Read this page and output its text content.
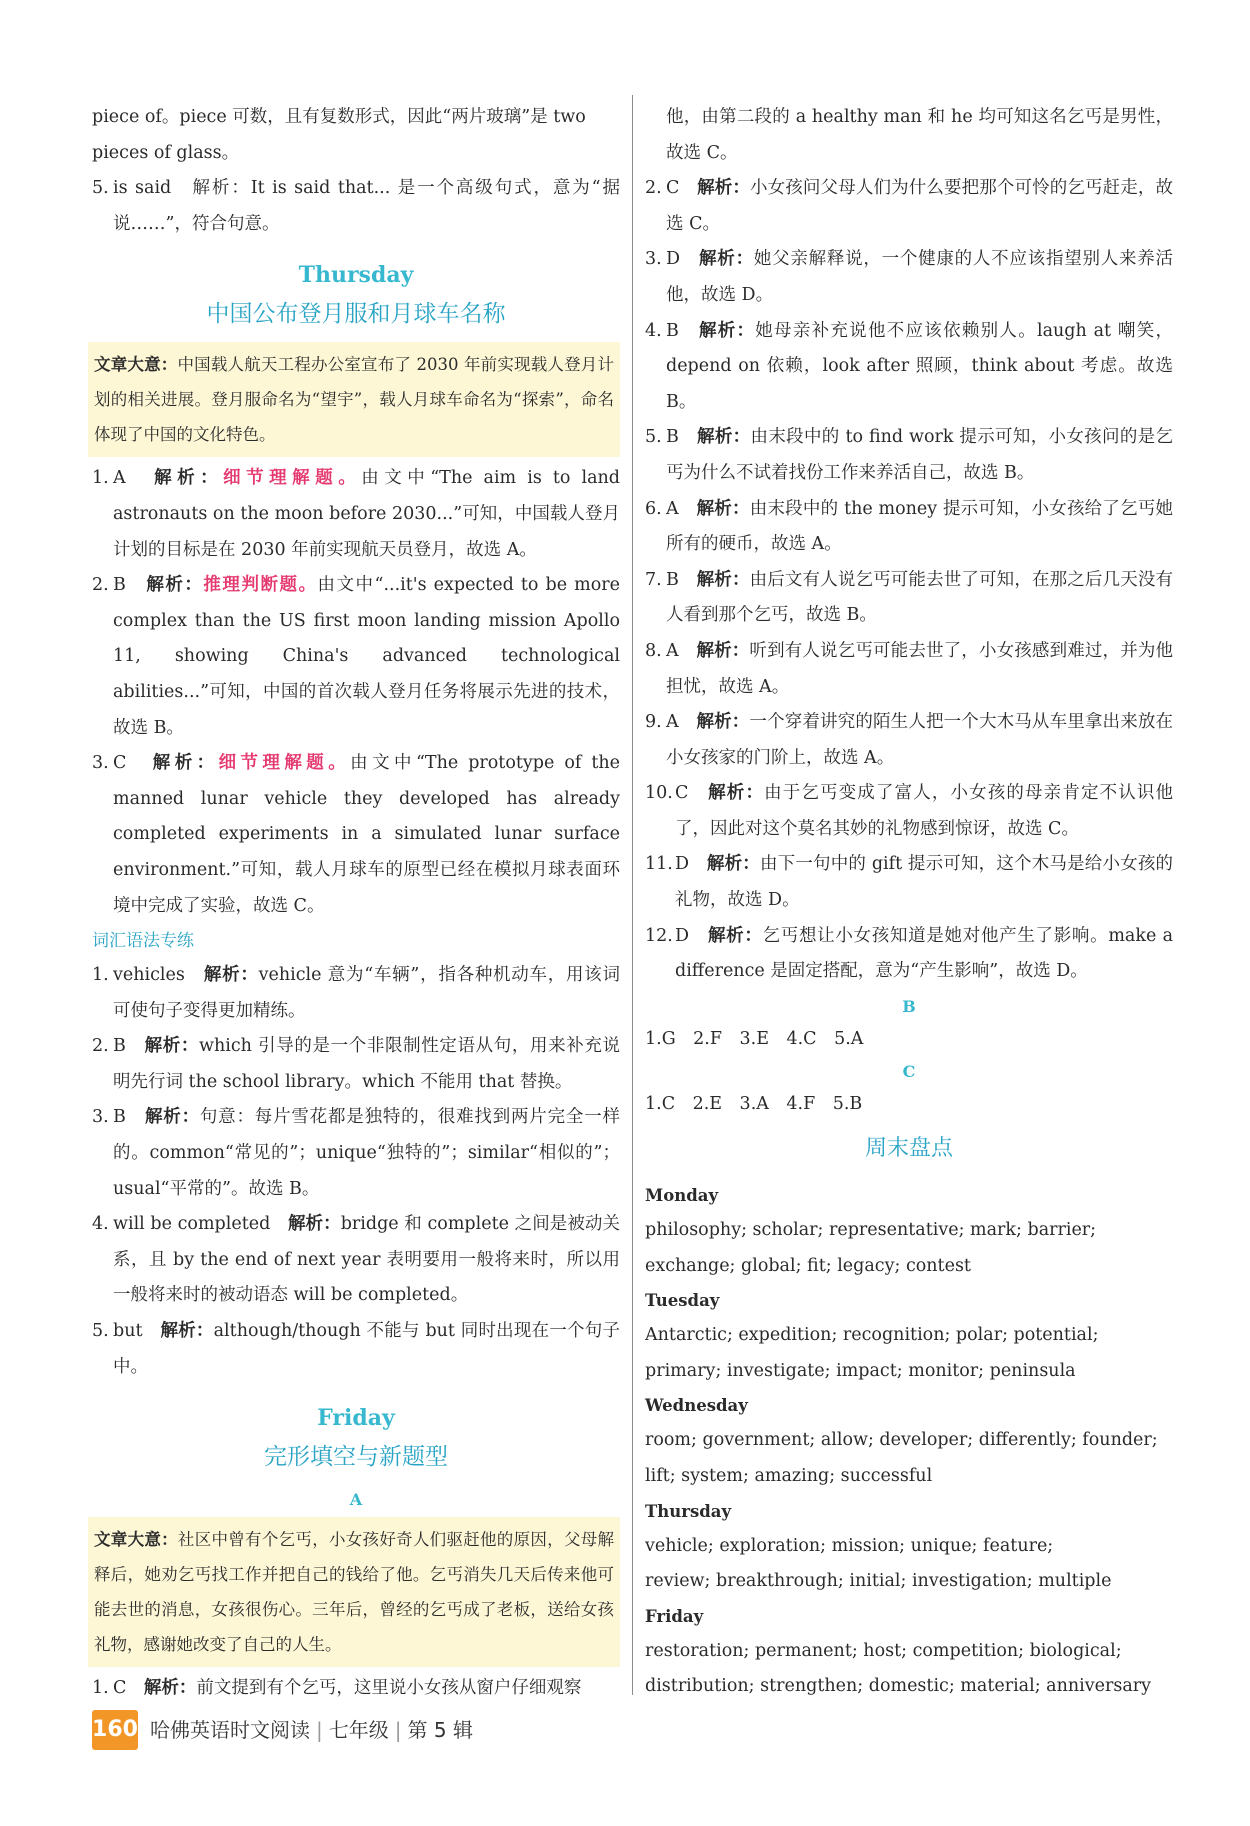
piece of。piece 可数，且有复数形式，因此“两片玻璃”是 two

pieces of glass。

5. is said　解析：It is said that... 是一个高级句式，意为“据说……”，符合句意。
Thursday
中国公布登月服和月球车名称
文章大意：中国载人航天工程办公室宣布了 2030 年前实现载人登月计划的相关进展。登月服命名为“望宇”，载人月球车命名为“探索”，命名体现了中国的文化特色。
1. A　解析：细节理解题。由文中“The aim is to land astronauts on the moon before 2030...”可知，中国载人登月计划的目标是在 2030 年前实现航天员登月，故选 A。
2. B　解析：推理判断题。由文中“...it's expected to be more complex than the US first moon landing mission Apollo 11, showing China's advanced technological abilities...”可知，中国的首次载人登月任务将展示先进的技术，故选 B。
3. C　解析：细节理解题。由文中“The prototype of the manned lunar vehicle they developed has already completed experiments in a simulated lunar surface environment.”可知，载人月球车的原型已经在模拟月球表面环境中完成了实验，故选 C。
词汇语法专练
1. vehicles　解析：vehicle 意为“车辆”，指各种机动车，用该词可使句子变得更加精练。
2. B　解析：which 引导的是一个非限制性定语从句，用来补充说明先行词 the school library。which 不能用 that 替换。
3. B　解析：句意：每片雪花都是独特的，很难找到两片完全一样的。common“常见的”；unique“独特的”；similar“相似的”；usual“平常的”。故选 B。
4. will be completed　解析：bridge 和 complete 之间是被动关系，且 by the end of next year 表明要用一般将来时，所以用一般将来时的被动语态 will be completed。
5. but　解析：although/though 不能与 but 同时出现在一个句子中。
Friday
完形填空与新题型
A
文章大意：社区中曾有个乞丐，小女孩好奇人们驱赶他的原因，父母解释后，她劝乞丐找工作并把自己的钱给了他。乞丐消失几天后传来他可能去世的消息，女孩很伤心。三年后，曾经的乞丐成了老板，送给女孩礼物，感谢她改变了自己的人生。
1. C　解析：前文提到有个乞丐，这里说小女孩从窗户仔细观察

他，由第二段的 a healthy man 和 he 均可知这名乞丐是男性，故选 C。

2. C　解析：小女孩问父母人们为什么要把那个可怜的乞丐赶走，故选 C。
3. D　解析：她父亲解释说，一个健康的人不应该指望别人来养活他，故选 D。
4. B　解析：她母亲补充说他不应该依赖别人。laugh at 嘲笑，depend on 依赖，look after 照顾，think about 考虑。故选 B。
5. B　解析：由末段中的 to find work 提示可知，小女孩问的是乞丐为什么不试着找份工作来养活自己，故选 B。
6. A　解析：由末段中的 the money 提示可知，小女孩给了乞丐她所有的硬币，故选 A。
7. B　解析：由后文有人说乞丐可能去世了可知，在那之后几天没有人看到那个乞丐，故选 B。
8. A　解析：听到有人说乞丐可能去世了，小女孩感到难过，并为他担忧，故选 A。
9. A　解析：一个穿着讲究的陌生人把一个大木马从车里拿出来放在小女孩家的门阶上，故选 A。
10. C　解析：由于乞丐变成了富人，小女孩的母亲肯定不认识他了，因此对这个莫名其妙的礼物感到惊讶，故选 C。
11. D　解析：由下一句中的 gift 提示可知，这个木马是给小女孩的礼物，故选 D。
12. D　解析：乞丐想让小女孩知道是她对他产生了影响。make a difference 是固定搭配，意为“产生影响”，故选 D。
B
1.G　2.F　3.E　4.C　5.A
C
1.C　2.E　3.A　4.F　5.B
周末盘点
Monday
philosophy; scholar; representative; mark; barrier;
exchange; global; fit; legacy; contest
Tuesday
Antarctic; expedition; recognition; polar; potential;
primary; investigate; impact; monitor; peninsula
Wednesday
room; government; allow; developer; differently; founder;
lift; system; amazing; successful
Thursday
vehicle; exploration; mission; unique; feature;
review; breakthrough; initial; investigation; multiple
Friday
restoration; permanent; host; competition; biological;
distribution; strengthen; domestic; material; anniversary
160 哈佛英语时文阅读 | 七年级 | 第 5 辑
